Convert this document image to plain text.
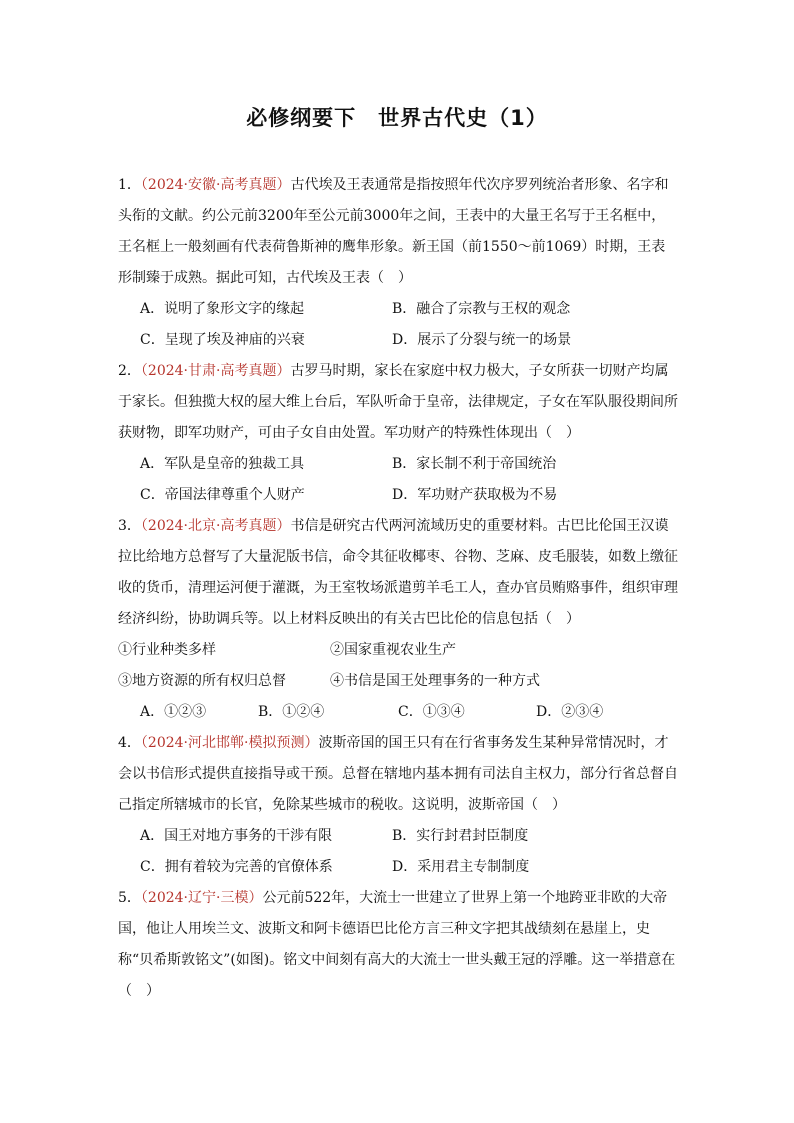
必修纲要下　世界古代史（1）

1．（2024·安徽·高考真题）古代埃及王表通常是指按照年代次序罗列统治者形象、名字和头衔的文献。约公元前3200年至公元前3000年之间，王表中的大量王名写于王名框中，王名框上一般刻画有代表荷鲁斯神的鹰隼形象。新王国（前1550～前1069）时期，王表形制臻于成熟。据此可知，古代埃及王表（　）

A．说明了象形文字的缘起	B．融合了宗教与王权的观念
C．呈现了埃及神庙的兴衰	D．展示了分裂与统一的场景

2．（2024·甘肃·高考真题）古罗马时期，家长在家庭中权力极大，子女所获一切财产均属于家长。但独揽大权的屋大维上台后，军队听命于皇帝，法律规定，子女在军队服役期间所获财物，即军功财产，可由子女自由处置。军功财产的特殊性体现出（　）

A．军队是皇帝的独裁工具	B．家长制不利于帝国统治
C．帝国法律尊重个人财产	D．军功财产获取极为不易

3．（2024·北京·高考真题）书信是研究古代两河流域历史的重要材料。古巴比伦国王汉谟拉比给地方总督写了大量泥版书信，命令其征收椰枣、谷物、芝麻、皮毛服装，如数上缴征收的货币，清理运河便于灌溉，为王室牧场派遣剪羊毛工人，查办官员贿赂事件，组织审理经济纠纷，协助调兵等。以上材料反映出的有关古巴比伦的信息包括（　）

①行业种类多样	②国家重视农业生产
③地方资源的所有权归总督	④书信是国王处理事务的一种方式
A．①②③	B．①②④	C．①③④	D．②③④

4．（2024·河北邯郸·模拟预测）波斯帝国的国王只有在行省事务发生某种异常情况时，才会以书信形式提供直接指导或干预。总督在辖地内基本拥有司法自主权力，部分行省总督自己指定所辖城市的长官，免除某些城市的税收。这说明，波斯帝国（　）

A．国王对地方事务的干涉有限	B．实行封君封臣制度
C．拥有着较为完善的官僚体系	D．采用君主专制制度

5．（2024·辽宁·三模）公元前522年，大流士一世建立了世界上第一个地跨亚非欧的大帝国，他让人用埃兰文、波斯文和阿卡德语巴比伦方言三种文字把其战绩刻在悬崖上，史称“贝希斯敦铭文”(如图)。铭文中间刻有高大的大流士一世头戴王冠的浮雕。这一举措意在（　）
